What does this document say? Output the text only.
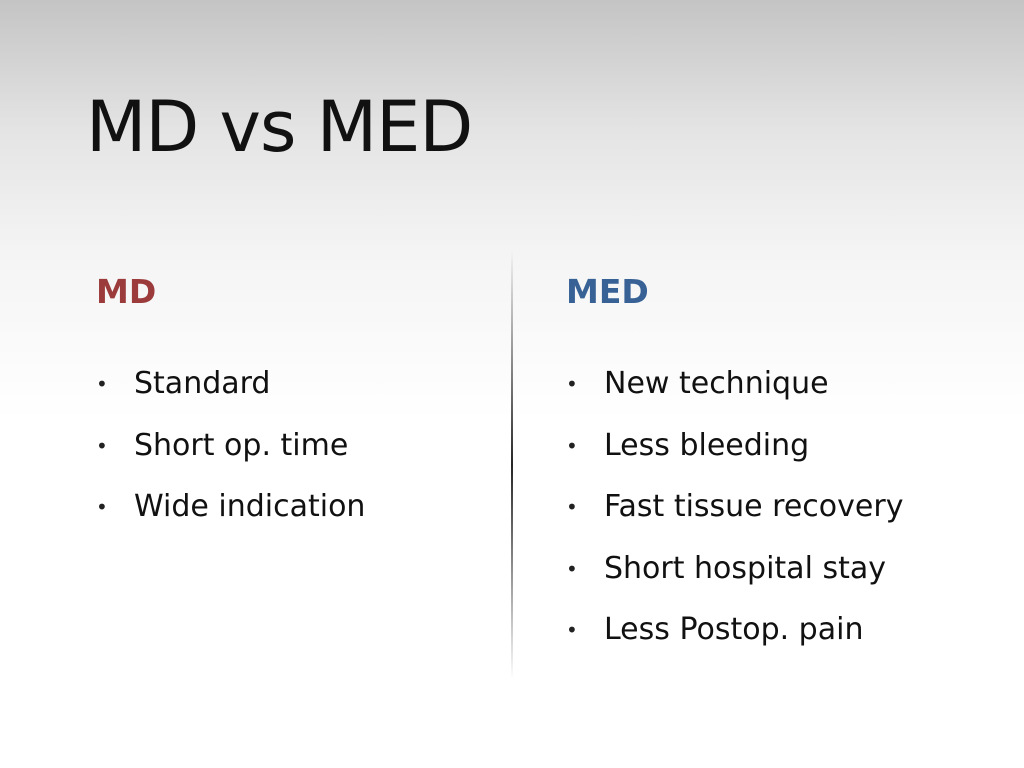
MD vs MED
MD
• Standard
• Short op. time
• Wide indication
MED
• New technique
• Less bleeding
• Fast tissue recovery
• Short hospital stay
• Less Postop. pain
